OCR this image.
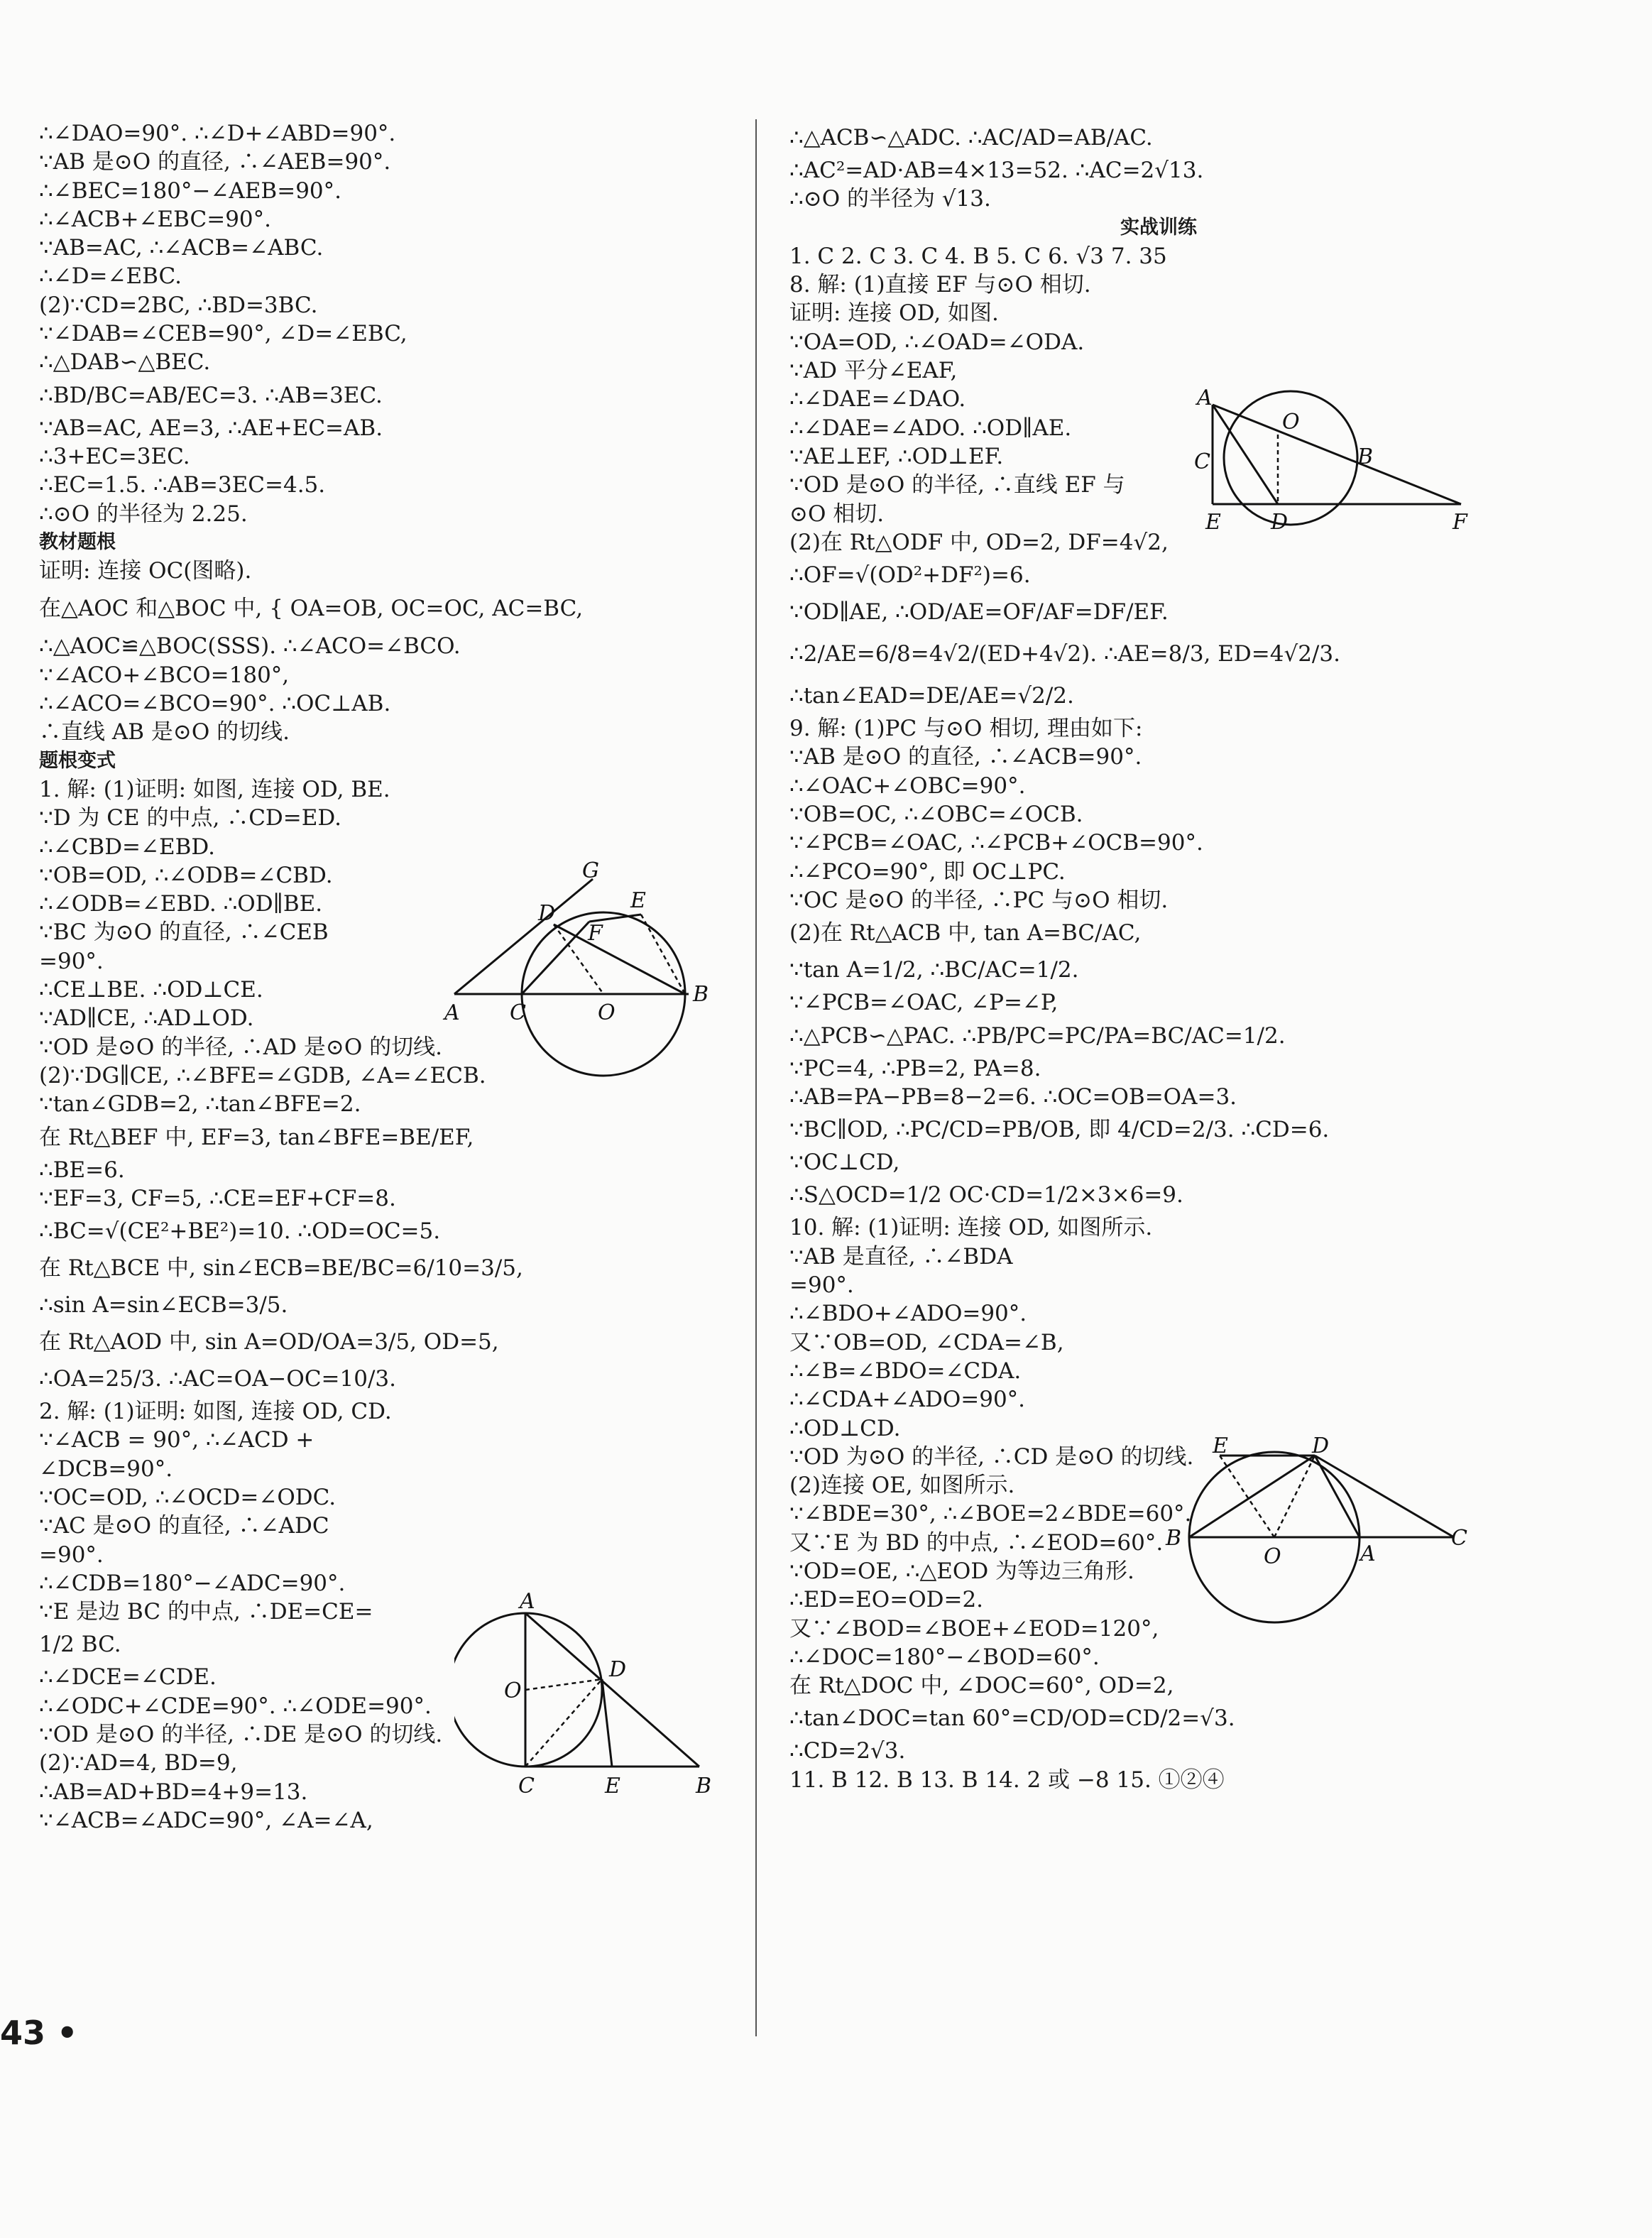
∴∠DAO=90°. ∴∠D+∠ABD=90°.
∵AB 是⊙O 的直径, ∴∠AEB=90°.
∴∠BEC=180°−∠AEB=90°.
∴∠ACB+∠EBC=90°.
∵AB=AC, ∴∠ACB=∠ABC.
∴∠D=∠EBC.
(2)∵CD=2BC, ∴BD=3BC.
∵∠DAB=∠CEB=90°, ∠D=∠EBC,
∴△DAB∽△BEC.
∴BD/BC=AB/EC=3. ∴AB=3EC.
∵AB=AC, AE=3, ∴AE+EC=AB.
∴3+EC=3EC.
∴EC=1.5. ∴AB=3EC=4.5.
∴⊙O 的半径为 2.25.
教材题根
证明: 连接 OC(图略).
在△AOC 和△BOC 中, { OA=OB, OC=OC, AC=BC,
∴△AOC≌△BOC(SSS). ∴∠ACO=∠BCO.
∵∠ACO+∠BCO=180°,
∴∠ACO=∠BCO=90°. ∴OC⊥AB.
∴直线 AB 是⊙O 的切线.
题根变式
1. 解: (1)证明: 如图, 连接 OD, BE.
∵D 为 CE 的中点, ∴CD=ED.
∴∠CBD=∠EBD.
∵OB=OD, ∴∠ODB=∠CBD.
∴∠ODB=∠EBD. ∴OD∥BE.
∵BC 为⊙O 的直径, ∴∠CEB
=90°.
∴CE⊥BE. ∴OD⊥CE.
∵AD∥CE, ∴AD⊥OD.
∵OD 是⊙O 的半径, ∴AD 是⊙O 的切线.
(2)∵DG∥CE, ∴∠BFE=∠GDB, ∠A=∠ECB.
∵tan∠GDB=2, ∴tan∠BFE=2.
在 Rt△BEF 中, EF=3, tan∠BFE=BE/EF,
∴BE=6.
∵EF=3, CF=5, ∴CE=EF+CF=8.
∴BC=√(CE²+BE²)=10. ∴OD=OC=5.
在 Rt△BCE 中, sin∠ECB=BE/BC=6/10=3/5,
∴sin A=sin∠ECB=3/5.
在 Rt△AOD 中, sin A=OD/OA=3/5, OD=5,
∴OA=25/3. ∴AC=OA−OC=10/3.
2. 解: (1)证明: 如图, 连接 OD, CD.
∵∠ACB = 90°, ∴∠ACD +
∠DCB=90°.
∵OC=OD, ∴∠OCD=∠ODC.
∵AC 是⊙O 的直径, ∴∠ADC
=90°.
∴∠CDB=180°−∠ADC=90°.
∵E 是边 BC 的中点, ∴DE=CE=
1/2 BC.
∴∠DCE=∠CDE.
∴∠ODC+∠CDE=90°. ∴∠ODE=90°.
∵OD 是⊙O 的半径, ∴DE 是⊙O 的切线.
(2)∵AD=4, BD=9,
∴AB=AD+BD=4+9=13.
∵∠ACB=∠ADC=90°, ∠A=∠A,
∴△ACB∽△ADC. ∴AC/AD=AB/AC.
∴AC²=AD·AB=4×13=52. ∴AC=2√13.
∴⊙O 的半径为 √13.
实战训练
1. C 2. C 3. C 4. B 5. C 6. √3 7. 35
8. 解: (1)直接 EF 与⊙O 相切.
证明: 连接 OD, 如图.
∵OA=OD, ∴∠OAD=∠ODA.
∵AD 平分∠EAF,
∴∠DAE=∠DAO.
∴∠DAE=∠ADO. ∴OD∥AE.
∵AE⊥EF, ∴OD⊥EF.
∵OD 是⊙O 的半径, ∴直线 EF 与
⊙O 相切.
(2)在 Rt△ODF 中, OD=2, DF=4√2,
∴OF=√(OD²+DF²)=6.
∵OD∥AE, ∴OD/AE=OF/AF=DF/EF.
∴2/AE=6/8=4√2/(ED+4√2). ∴AE=8/3, ED=4√2/3.
∴tan∠EAD=DE/AE=√2/2.
9. 解: (1)PC 与⊙O 相切, 理由如下:
∵AB 是⊙O 的直径, ∴∠ACB=90°.
∴∠OAC+∠OBC=90°.
∵OB=OC, ∴∠OBC=∠OCB.
∵∠PCB=∠OAC, ∴∠PCB+∠OCB=90°.
∴∠PCO=90°, 即 OC⊥PC.
∵OC 是⊙O 的半径, ∴PC 与⊙O 相切.
(2)在 Rt△ACB 中, tan A=BC/AC,
∵tan A=1/2, ∴BC/AC=1/2.
∵∠PCB=∠OAC, ∠P=∠P,
∴△PCB∽△PAC. ∴PB/PC=PC/PA=BC/AC=1/2.
∵PC=4, ∴PB=2, PA=8.
∴AB=PA−PB=8−2=6. ∴OC=OB=OA=3.
∵BC∥OD, ∴PC/CD=PB/OB, 即 4/CD=2/3. ∴CD=6.
∵OC⊥CD,
∴S△OCD=1/2 OC·CD=1/2×3×6=9.
10. 解: (1)证明: 连接 OD, 如图所示.
∵AB 是直径, ∴∠BDA
=90°.
∴∠BDO+∠ADO=90°.
又∵OB=OD, ∠CDA=∠B,
∴∠B=∠BDO=∠CDA.
∴∠CDA+∠ADO=90°.
∴OD⊥CD.
∵OD 为⊙O 的半径, ∴CD 是⊙O 的切线.
(2)连接 OE, 如图所示.
∵∠BDE=30°, ∴∠BOE=2∠BDE=60°.
又∵E 为 BD 的中点, ∴∠EOD=60°.
∵OD=OE, ∴△EOD 为等边三角形.
∴ED=EO=OD=2.
又∵∠BOD=∠BOE+∠EOD=120°,
∴∠DOC=180°−∠BOD=60°.
在 Rt△DOC 中, ∠DOC=60°, OD=2,
∴tan∠DOC=tan 60°=CD/OD=CD/2=√3.
∴CD=2√3.
11. B 12. B 13. B 14. 2 或 −8 15. ①②④
A
O
B
C
E D	F
G
E
D
F
A C	O
B
E	D
B
O	A
C
A
D
O
C	E	B
43 •
